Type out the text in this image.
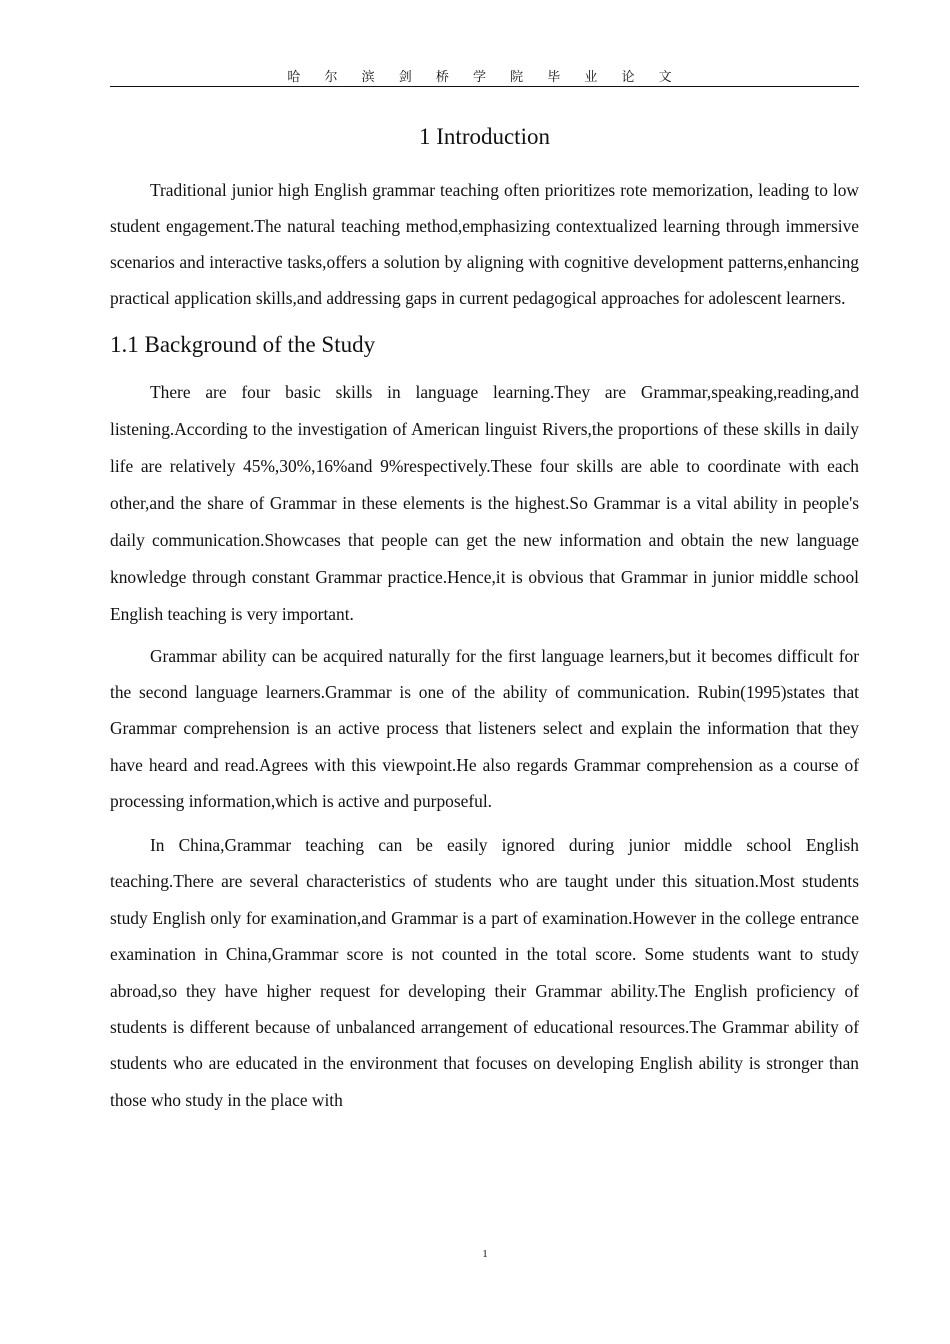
哈 尔 滨 剑 桥 学 院 毕 业 论 文
1 Introduction

Traditional junior high English grammar teaching often prioritizes rote memorization, leading to low student engagement.The natural teaching method,emphasizing contextualized learning through immersive scenarios and interactive tasks,offers a solution by aligning with cognitive development patterns,enhancing practical application skills,and addressing gaps in current pedagogical approaches for adolescent learners.

1.1 Background of the Study

There are four basic skills in language learning.They are Grammar,speaking,reading,and listening.According to the investigation of American linguist Rivers,the proportions of these skills in daily life are relatively 45%,30%,16%and 9%respectively.These four skills are able to coordinate with each other,and the share of Grammar in these elements is the highest.So Grammar is a vital ability in people's daily communication.Showcases that people can get the new information and obtain the new language knowledge through constant Grammar practice.Hence,it is obvious that Grammar in junior middle school English teaching is very important.

Grammar ability can be acquired naturally for the first language learners,but it becomes difficult for the second language learners.Grammar is one of the ability of communication. Rubin(1995)states that Grammar comprehension is an active process that listeners select and explain the information that they have heard and read.Agrees with this viewpoint.He also regards Grammar comprehension as a course of processing information,which is active and purposeful.

In China,Grammar teaching can be easily ignored during junior middle school English teaching.There are several characteristics of students who are taught under this situation.Most students study English only for examination,and Grammar is a part of examination.However in the college entrance examination in China,Grammar score is not counted in the total score. Some students want to study abroad,so they have higher request for developing their Grammar ability.The English proficiency of students is different because of unbalanced arrangement of educational resources.The Grammar ability of students who are educated in the environment that focuses on developing English ability is stronger than those who study in the place with

1
